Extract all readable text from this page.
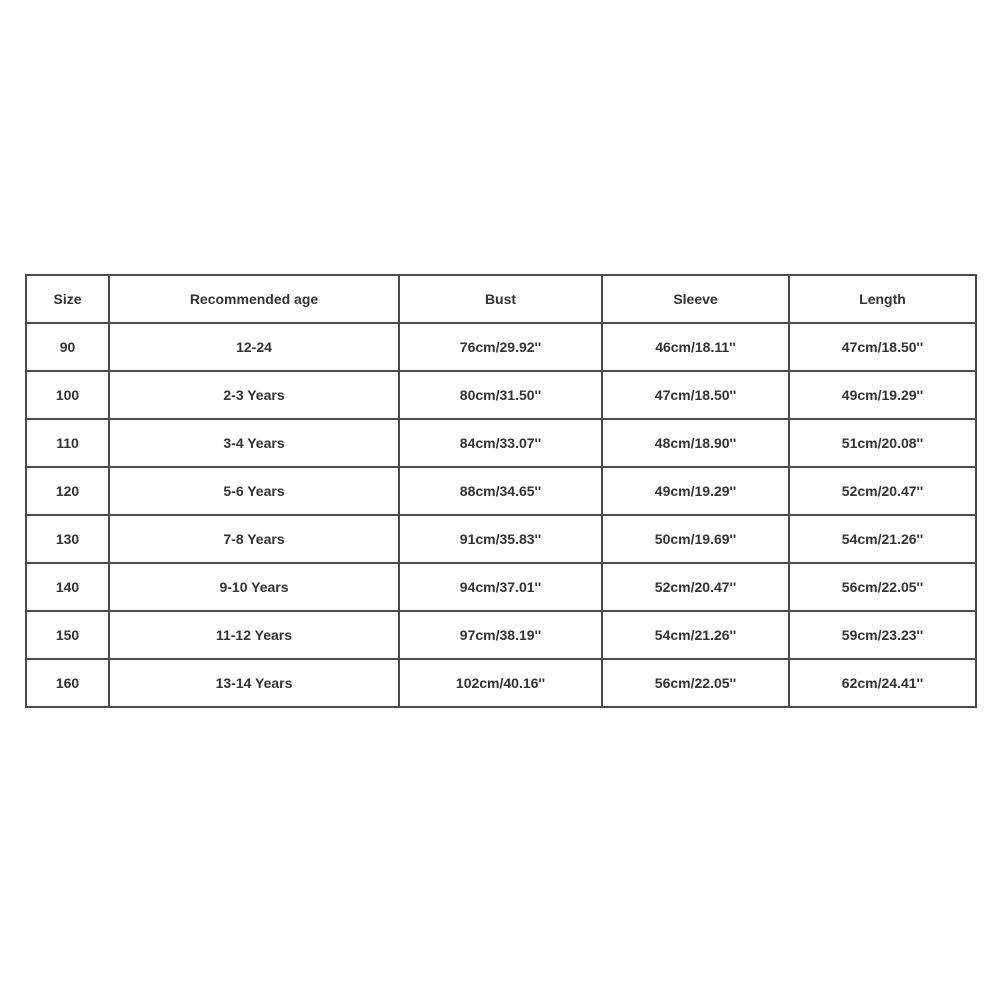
Size	Recommended age	Bust	Sleeve	Length
90	12-24	76cm/29.92''	46cm/18.11''	47cm/18.50''
100	2-3 Years	80cm/31.50''	47cm/18.50''	49cm/19.29''
110	3-4 Years	84cm/33.07''	48cm/18.90''	51cm/20.08''
120	5-6 Years	88cm/34.65''	49cm/19.29''	52cm/20.47''
130	7-8 Years	91cm/35.83''	50cm/19.69''	54cm/21.26''
140	9-10 Years	94cm/37.01''	52cm/20.47''	56cm/22.05''
150	11-12 Years	97cm/38.19''	54cm/21.26''	59cm/23.23''
160	13-14 Years	102cm/40.16''	56cm/22.05''	62cm/24.41''
